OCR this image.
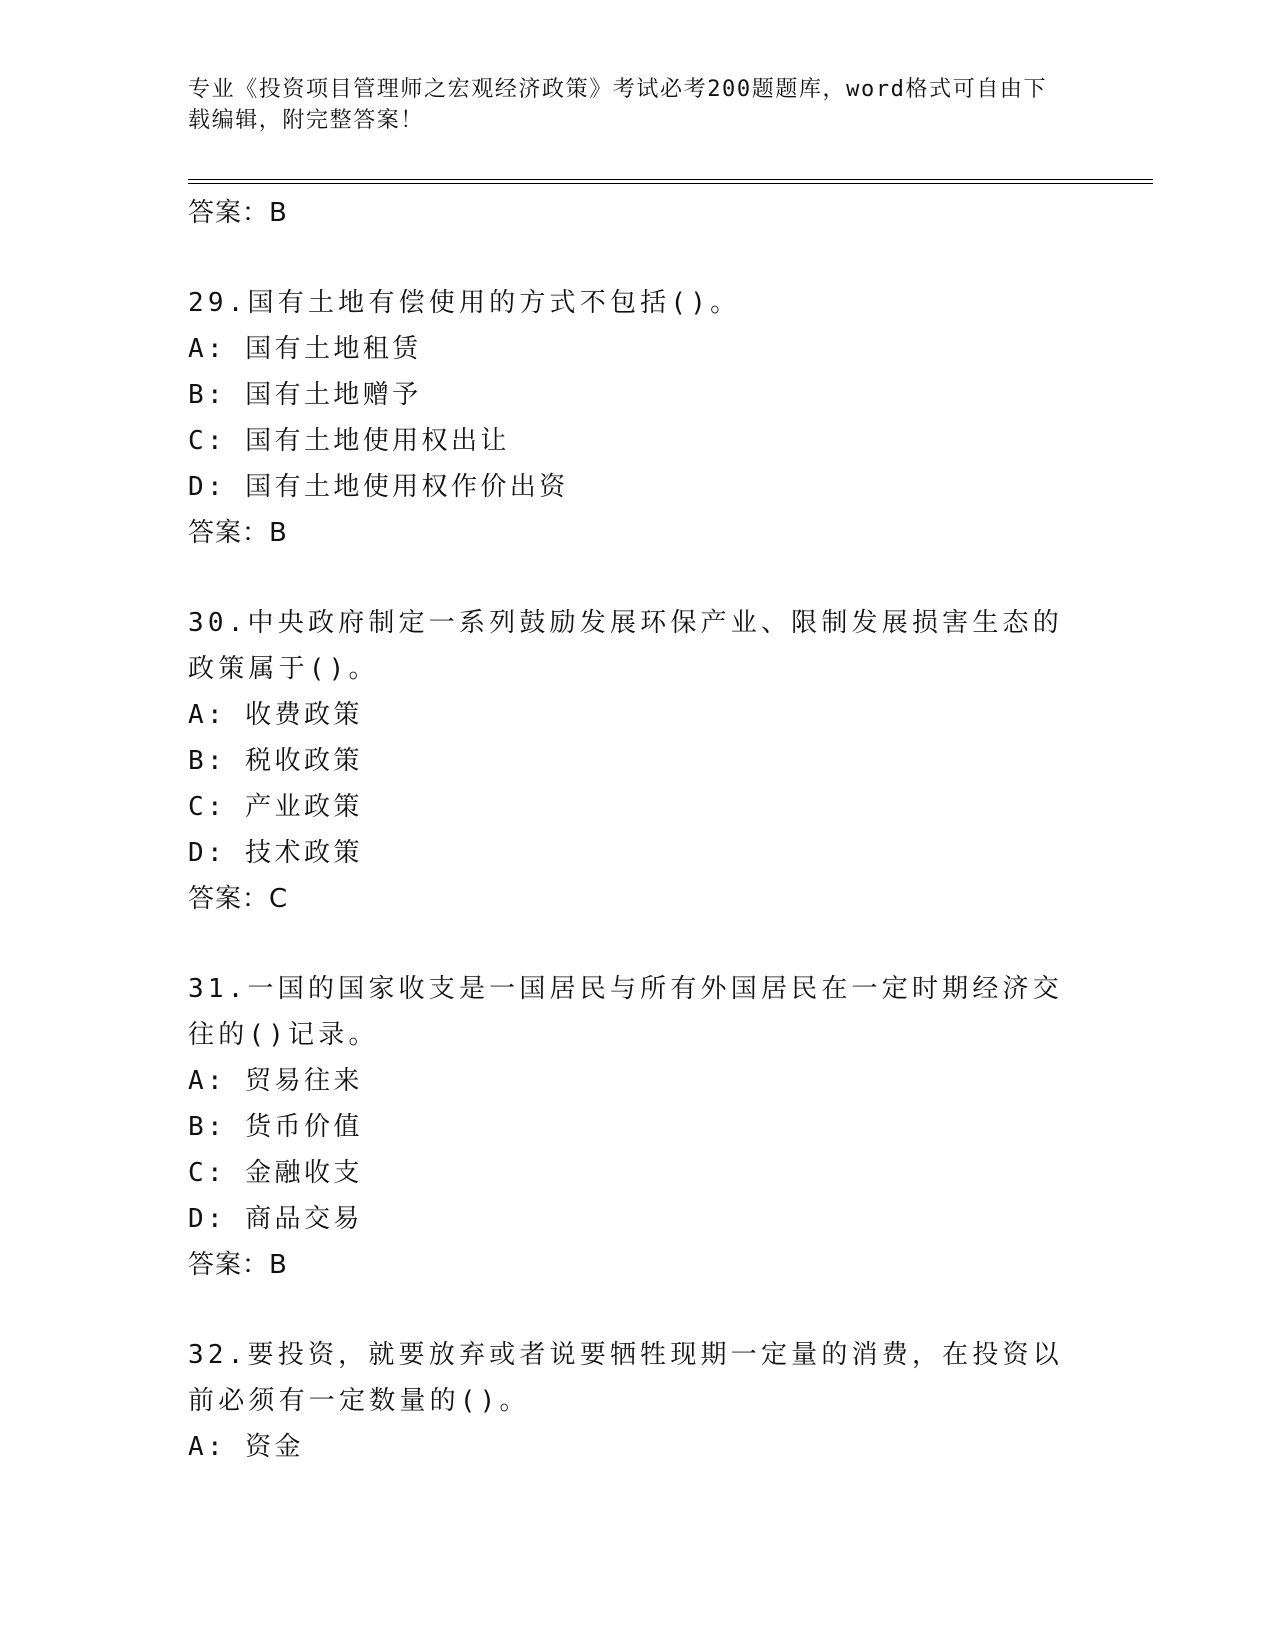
专业《投资项目管理师之宏观经济政策》考试必考200题题库，word格式可自由下载编辑，附完整答案！
答案：B
29.国有土地有偿使用的方式不包括()。
A: 国有土地租赁
B: 国有土地赠予
C: 国有土地使用权出让
D: 国有土地使用权作价出资
答案：B
30.中央政府制定一系列鼓励发展环保产业、限制发展损害生态的政策属于()。
A: 收费政策
B: 税收政策
C: 产业政策
D: 技术政策
答案：C
31.一国的国家收支是一国居民与所有外国居民在一定时期经济交往的()记录。
A: 贸易往来
B: 货币价值
C: 金融收支
D: 商品交易
答案：B
32.要投资，就要放弃或者说要牺牲现期一定量的消费，在投资以前必须有一定数量的()。
A: 资金
